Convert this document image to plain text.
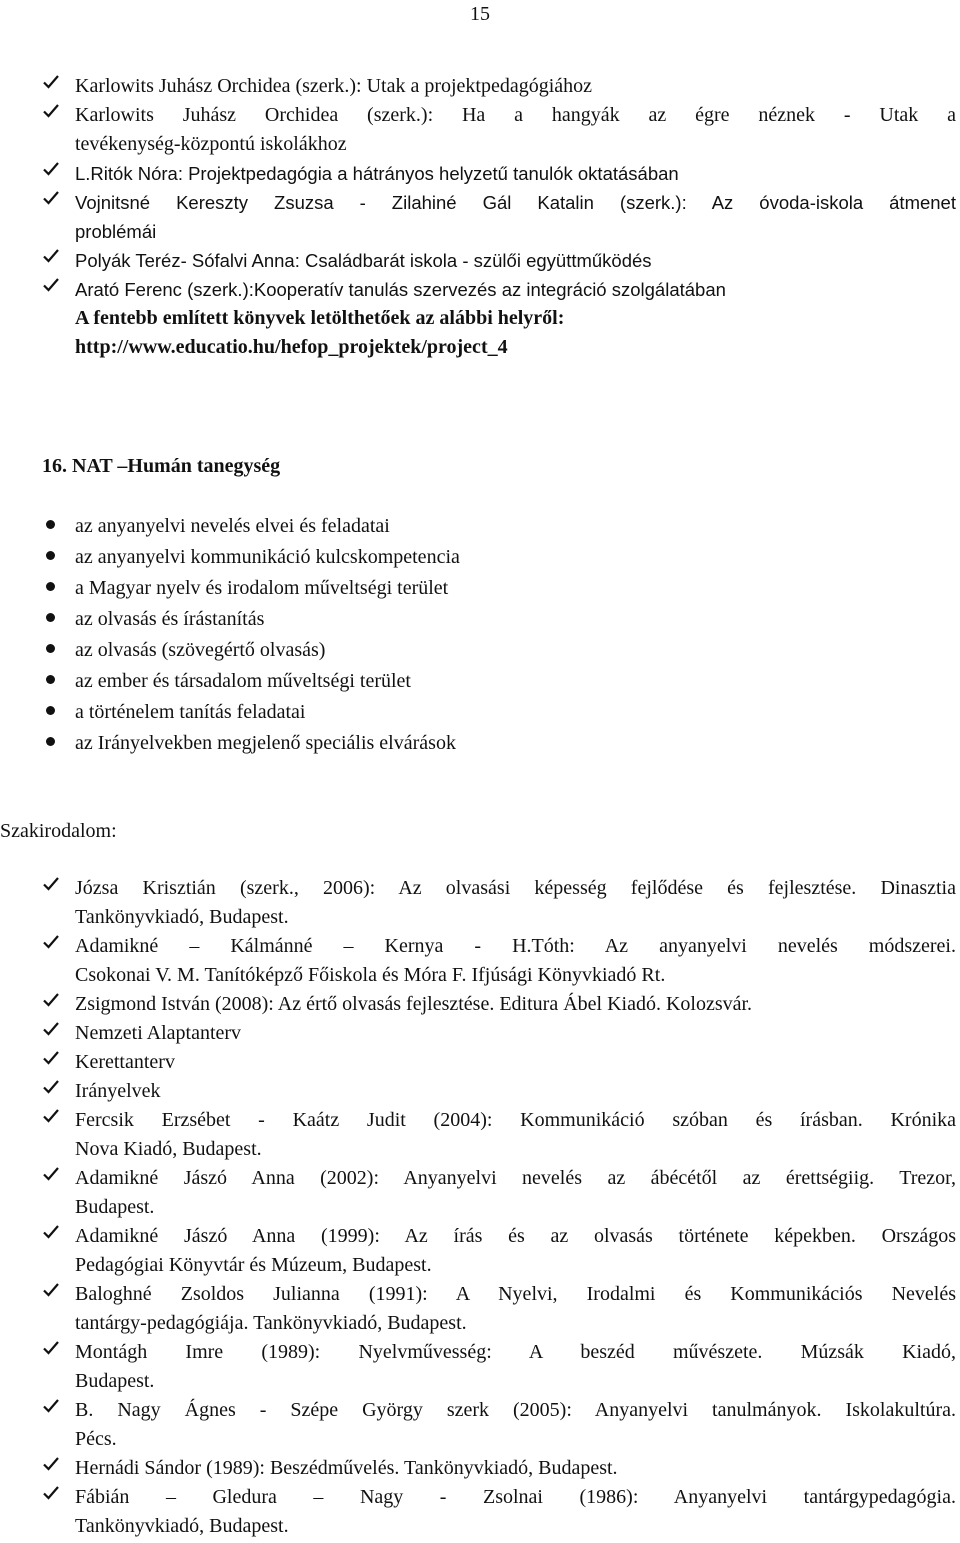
15
Karlowits Juhász Orchidea (szerk.): Utak a projektpedagógiához
Karlowits Juhász Orchidea (szerk.): Ha a hangyák az égre néznek - Utak a
tevékenység-központú iskolákhoz
L.Ritók Nóra: Projektpedagógia a hátrányos helyzetű tanulók oktatásában
Vojnitsné Kereszty Zsuzsa - Zilahiné Gál Katalin (szerk.): Az óvoda-iskola átmenet
problémái
Polyák Teréz- Sófalvi Anna: Családbarát iskola - szülői együttműködés
Arató Ferenc (szerk.):Kooperatív tanulás szervezés az integráció szolgálatában
A fentebb említett könyvek letölthetőek az alábbi helyről:
http://www.educatio.hu/hefop_projektek/project_4
16. NAT –Humán tanegység
az anyanyelvi nevelés elvei és feladatai
az anyanyelvi kommunikáció kulcskompetencia
a Magyar nyelv és irodalom műveltségi terület
az olvasás és írástanítás
az olvasás (szövegértő olvasás)
az ember és társadalom műveltségi terület
a történelem tanítás feladatai
az Irányelvekben megjelenő speciális elvárások
Szakirodalom:
Józsa Krisztián (szerk., 2006): Az olvasási képesség fejlődése és fejlesztése. Dinasztia
Tankönyvkiadó, Budapest.
Adamikné – Kálmánné – Kernya - H.Tóth: Az anyanyelvi nevelés módszerei.
Csokonai V. M. Tanítóképző Főiskola és Móra F. Ifjúsági Könyvkiadó Rt.
Zsigmond István (2008): Az értő olvasás fejlesztése. Editura Ábel Kiadó. Kolozsvár.
Nemzeti Alaptanterv
Kerettanterv
Irányelvek
Fercsik Erzsébet - Kaátz Judit (2004): Kommunikáció szóban és írásban. Krónika
Nova Kiadó, Budapest.
Adamikné Jászó Anna (2002): Anyanyelvi nevelés az ábécétől az érettségiig. Trezor,
Budapest.
Adamikné Jászó Anna (1999): Az írás és az olvasás története képekben. Országos
Pedagógiai Könyvtár és Múzeum, Budapest.
Baloghné Zsoldos Julianna (1991): A Nyelvi, Irodalmi és Kommunikációs Nevelés
tantárgy-pedagógiája. Tankönyvkiadó, Budapest.
Montágh Imre (1989): Nyelvművesség: A beszéd művészete. Múzsák Kiadó,
Budapest.
B. Nagy Ágnes - Szépe György szerk (2005): Anyanyelvi tanulmányok. Iskolakultúra.
Pécs.
Hernádi Sándor (1989): Beszédművelés. Tankönyvkiadó, Budapest.
Fábián – Gledura – Nagy - Zsolnai (1986): Anyanyelvi tantárgypedagógia.
Tankönyvkiadó, Budapest.
